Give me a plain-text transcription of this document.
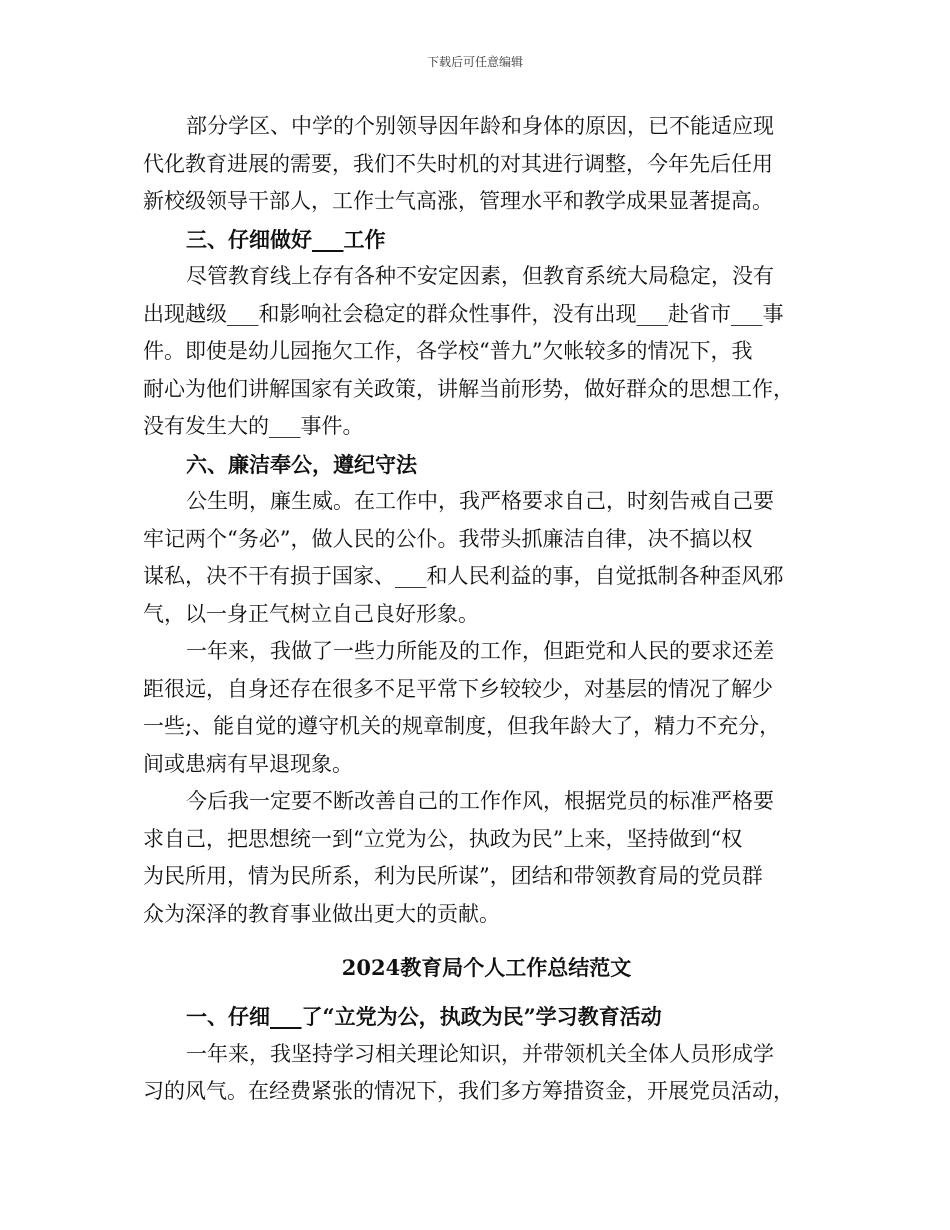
下载后可任意编辑
部分学区、中学的个别领导因年龄和身体的原因，已不能适应现
代化教育进展的需要，我们不失时机的对其进行调整，今年先后任用
新校级领导干部人，工作士气高涨，管理水平和教学成果显著提高。
三、仔细做好___工作
尽管教育线上存有各种不安定因素，但教育系统大局稳定，没有
出现越级___和影响社会稳定的群众性事件，没有出现___赴省市___事
件。即使是幼儿园拖欠工作，各学校“普九”欠帐较多的情况下，我
耐心为他们讲解国家有关政策，讲解当前形势，做好群众的思想工作，
没有发生大的___事件。
六、廉洁奉公，遵纪守法
公生明，廉生威。在工作中，我严格要求自己，时刻告戒自己要
牢记两个“务必”，做人民的公仆。我带头抓廉洁自律，决不搞以权
谋私，决不干有损于国家、___和人民利益的事，自觉抵制各种歪风邪
气，以一身正气树立自己良好形象。
一年来，我做了一些力所能及的工作，但距党和人民的要求还差
距很远，自身还存在很多不足平常下乡较较少，对基层的情况了解少
一些;、能自觉的遵守机关的规章制度，但我年龄大了，精力不充分，
间或患病有早退现象。
今后我一定要不断改善自己的工作作风，根据党员的标准严格要
求自己，把思想统一到“立党为公，执政为民”上来，坚持做到“权
为民所用，情为民所系，利为民所谋”，团结和带领教育局的党员群
众为深泽的教育事业做出更大的贡献。
2024教育局个人工作总结范文
一、仔细___了“立党为公，执政为民”学习教育活动
一年来，我坚持学习相关理论知识，并带领机关全体人员形成学
习的风气。在经费紧张的情况下，我们多方筹措资金，开展党员活动，
